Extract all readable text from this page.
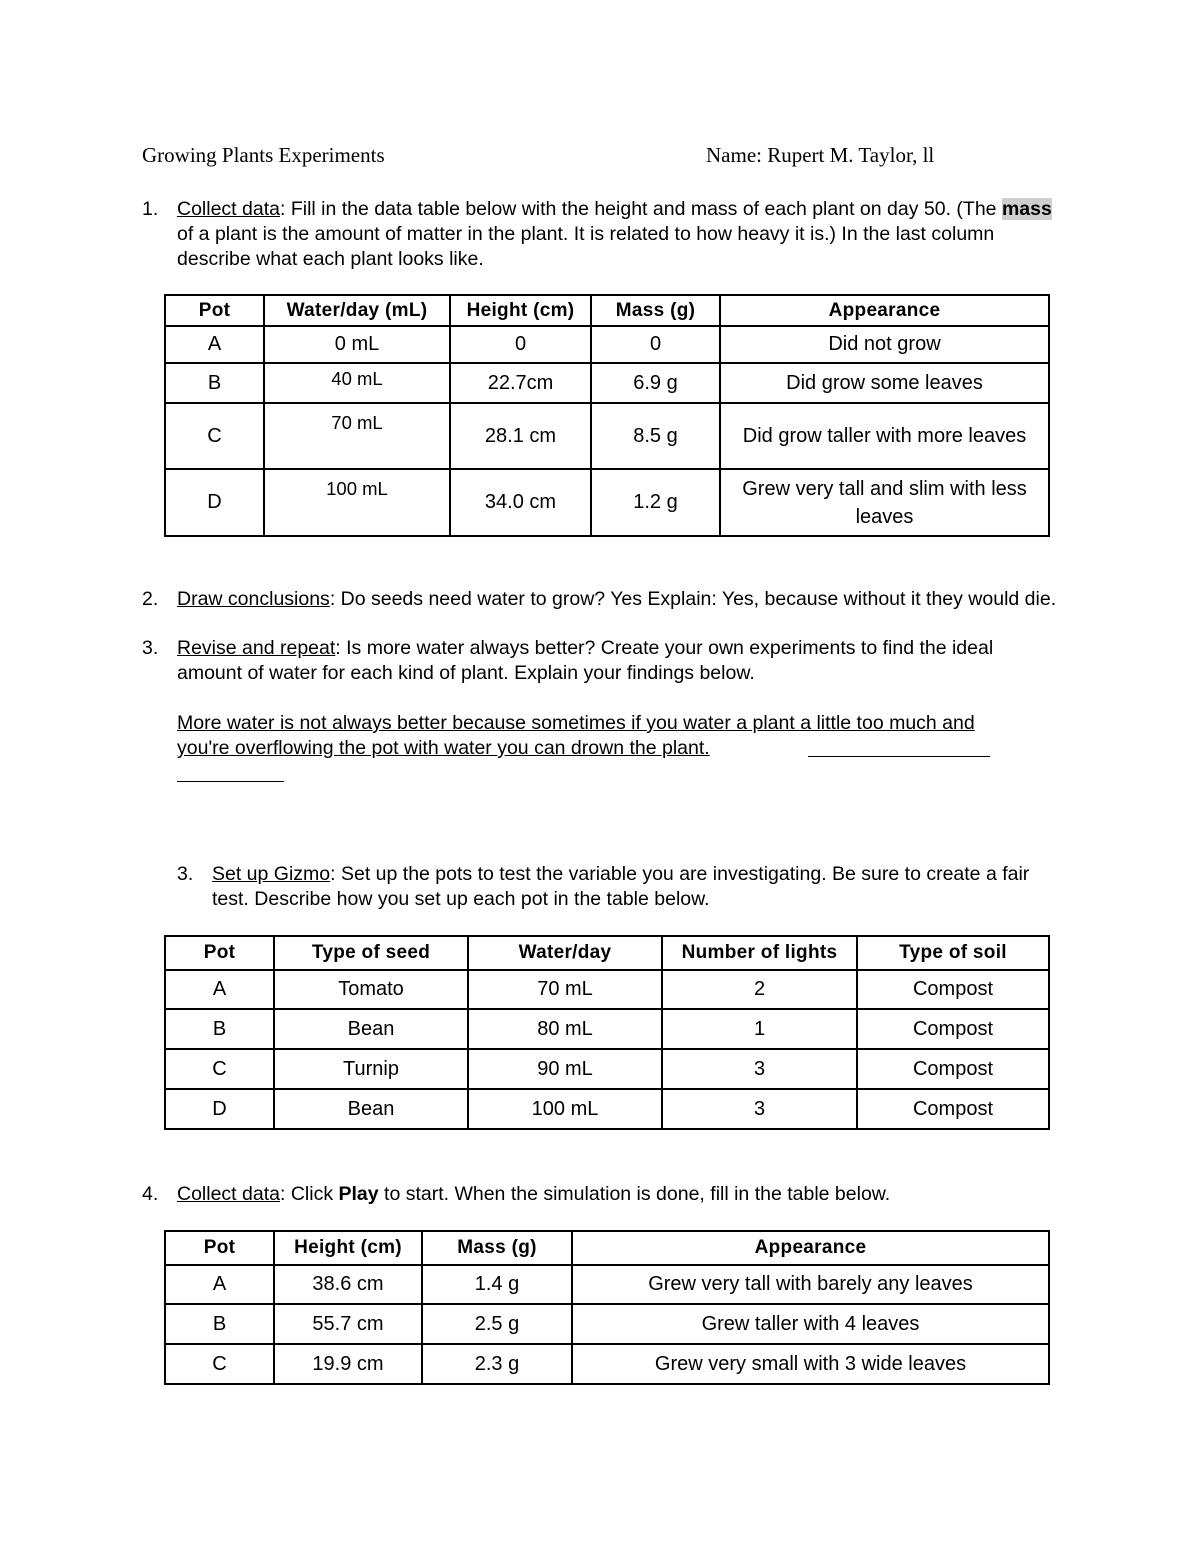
Growing Plants Experiments	Name: Rupert M. Taylor, ll
1. Collect data: Fill in the data table below with the height and mass of each plant on day 50. (The mass of a plant is the amount of matter in the plant. It is related to how heavy it is.) In the last column describe what each plant looks like.
Pot	Water/day (mL)	Height (cm)	Mass (g)	Appearance
A	0 mL	0	0	Did not grow
B	40 mL	22.7cm	6.9 g	Did grow some leaves
C	70 mL	28.1 cm	8.5 g	Did grow taller with more leaves
D	100 mL	34.0 cm	1.2 g	Grew very tall and slim with less leaves
2. Draw conclusions: Do seeds need water to grow? Yes Explain: Yes, because without it they would die.
3. Revise and repeat: Is more water always better? Create your own experiments to find the ideal amount of water for each kind of plant. Explain your findings below.
More water is not always better because sometimes if you water a plant a little too much and you're overflowing the pot with water you can drown the plant.
3. Set up Gizmo: Set up the pots to test the variable you are investigating. Be sure to create a fair test. Describe how you set up each pot in the table below.
Pot	Type of seed	Water/day	Number of lights	Type of soil
A	Tomato	70 mL	2	Compost
B	Bean	80 mL	1	Compost
C	Turnip	90 mL	3	Compost
D	Bean	100 mL	3	Compost
4. Collect data: Click Play to start. When the simulation is done, fill in the table below.
Pot	Height (cm)	Mass (g)	Appearance
A	38.6 cm	1.4 g	Grew very tall with barely any leaves
B	55.7 cm	2.5 g	Grew taller with 4 leaves
C	19.9 cm	2.3 g	Grew very small with 3 wide leaves
